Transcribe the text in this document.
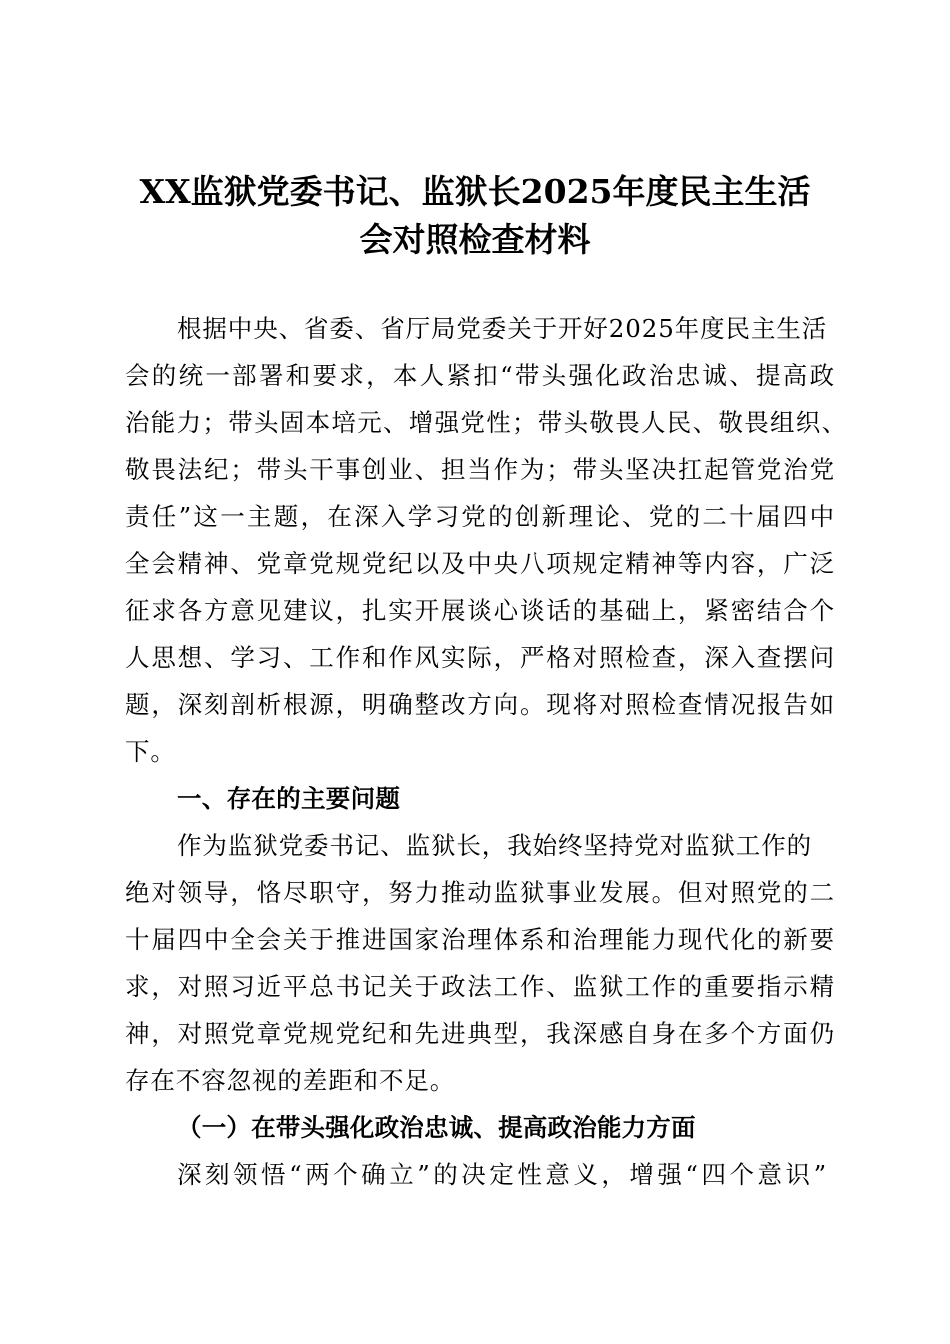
XX监狱党委书记、监狱长2025年度民主生活
会对照检查材料

根据中央、省委、省厅局党委关于开好2025年度民主生活

会的统一部署和要求，本人紧扣“带头强化政治忠诚、提高政

治能力；带头固本培元、增强党性；带头敬畏人民、敬畏组织、

敬畏法纪；带头干事创业、担当作为；带头坚决扛起管党治党

责任”这一主题，在深入学习党的创新理论、党的二十届四中

全会精神、党章党规党纪以及中央八项规定精神等内容，广泛

征求各方意见建议，扎实开展谈心谈话的基础上，紧密结合个

人思想、学习、工作和作风实际，严格对照检查，深入查摆问

题，深刻剖析根源，明确整改方向。现将对照检查情况报告如

下。

一、存在的主要问题

作为监狱党委书记、监狱长，我始终坚持党对监狱工作的

绝对领导，恪尽职守，努力推动监狱事业发展。但对照党的二

十届四中全会关于推进国家治理体系和治理能力现代化的新要

求，对照习近平总书记关于政法工作、监狱工作的重要指示精

神，对照党章党规党纪和先进典型，我深感自身在多个方面仍

存在不容忽视的差距和不足。

（一）在带头强化政治忠诚、提高政治能力方面

深刻领悟“两个确立”的决定性意义，增强“四个意识”
